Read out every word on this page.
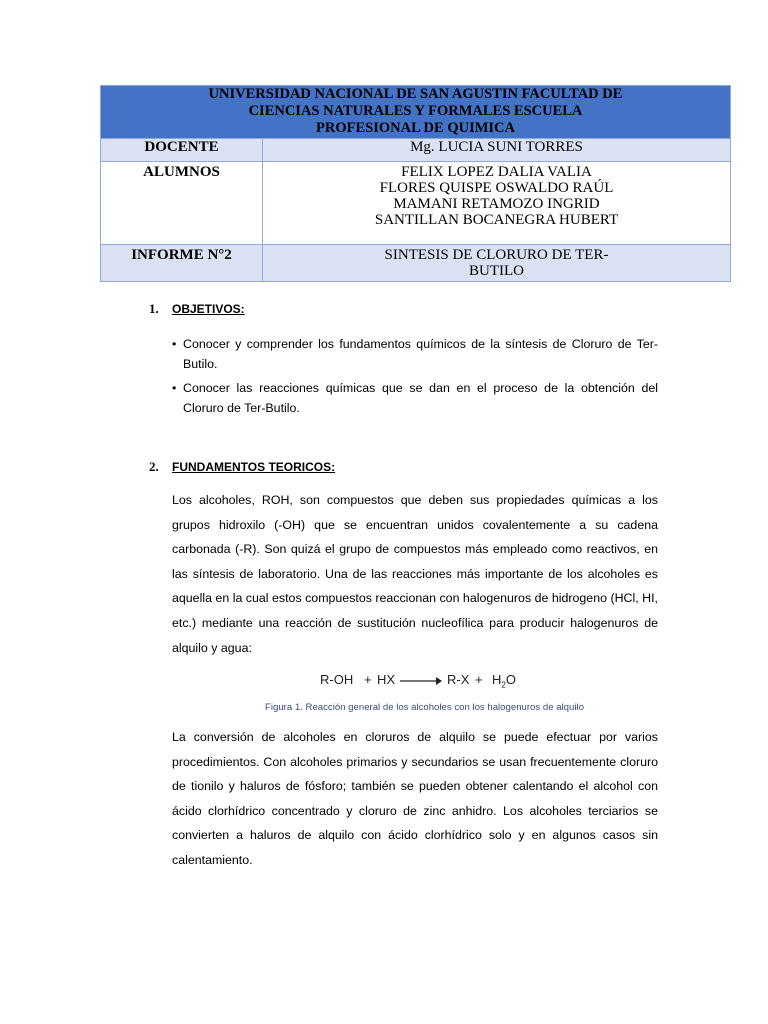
UNIVERSIDAD NACIONAL DE SAN AGUSTIN FACULTAD DE
CIENCIAS NATURALES Y FORMALES ESCUELA
PROFESIONAL DE QUIMICA	

DOCENTE	Mg. LUCIA SUNI TORRES
ALUMNOS	FELIX LOPEZ DALIA VALIA
FLORES QUISPE OSWALDO RAÚL
MAMANI RETAMOZO INGRID
SANTILLAN BOCANEGRA HUBERT

INFORME N°2	SINTESIS DE CLORURO DE TER-
BUTILO
1. OBJETIVOS:
• Conocer y comprender los fundamentos químicos de la síntesis de Cloruro de Ter-Butilo.
• Conocer las reacciones químicas que se dan en el proceso de la obtención del Cloruro de Ter-Butilo.
2. FUNDAMENTOS TEORICOS:
Los alcoholes, ROH, son compuestos que deben sus propiedades químicas a los grupos hidroxilo (-OH) que se encuentran unidos covalentemente a su cadena carbonada (-R). Son quizá el grupo de compuestos más empleado como reactivos, en las síntesis de laboratorio. Una de las reacciones más importante de los alcoholes es aquella en la cual estos compuestos reaccionan con halogenuros de hidrogeno (HCl, HI, etc.) mediante una reacción de sustitución nucleofílica para producir halogenuros de alquilo y agua:
R-OH + HX → $R-X + H_2O$
Figura 1. Reacción general de los alcoholes con los halogenuros de alquilo
La conversión de alcoholes en cloruros de alquilo se puede efectuar por varios procedimientos. Con alcoholes primarios y secundarios se usan frecuentemente cloruro de tionilo y haluros de fósforo; también se pueden obtener calentando el alcohol con ácido clorhídrico concentrado y cloruro de zinc anhidro. Los alcoholes terciarios se convierten a haluros de alquilo con ácido clorhídrico solo y en algunos casos sin calentamiento.
